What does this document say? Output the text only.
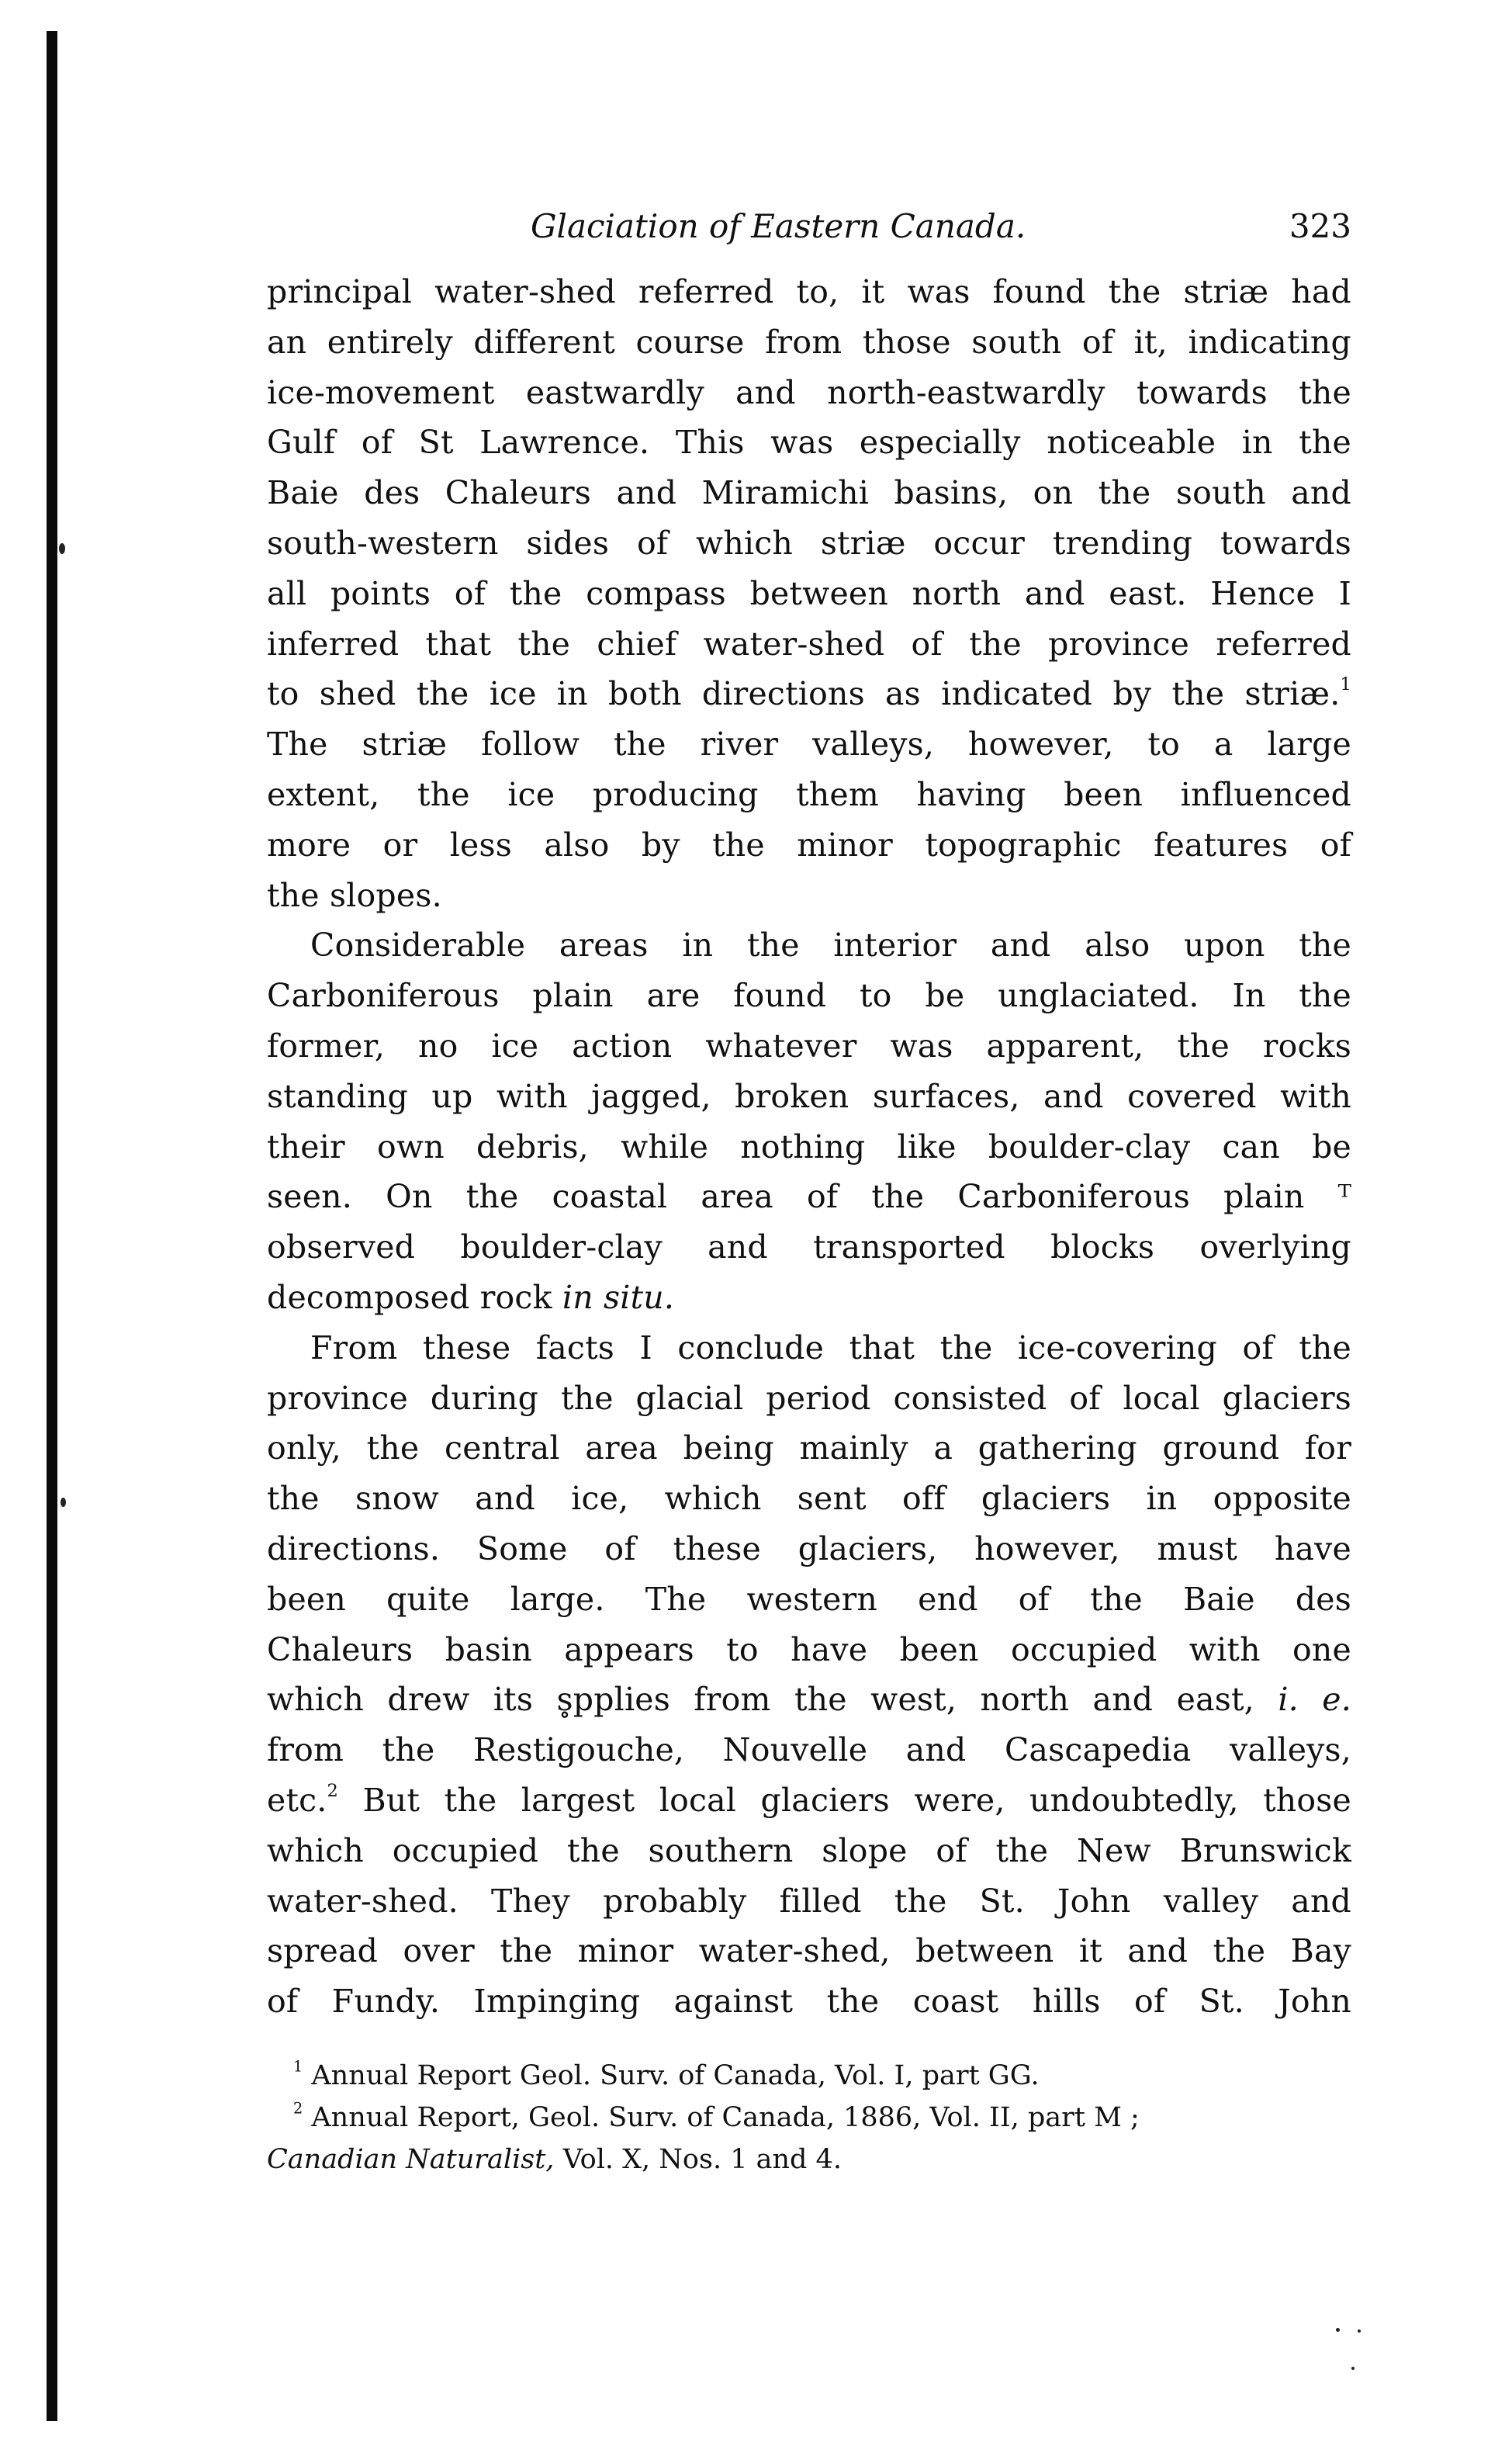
Glaciation of Eastern Canada.	323
principal water-shed referred to, it was found the striæ had
an entirely different course from those south of it, indicating
ice-movement eastwardly and north-eastwardly towards the
Gulf of St Lawrence. This was especially noticeable in the
Baie des Chaleurs and Miramichi basins, on the south and
south-western sides of which striæ occur trending towards
all points of the compass between north and east. Hence I
inferred that the chief water-shed of the province referred
to shed the ice in both directions as indicated by the striæ.$^1$
The striæ follow the river valleys, however, to a large
extent, the ice producing them having been influenced
more or less also by the minor topographic features of
the slopes.
Considerable areas in the interior and also upon the
Carboniferous plain are found to be unglaciated. In the
former, no ice action whatever was apparent, the rocks
standing up with jagged, broken surfaces, and covered with
their own debris, while nothing like boulder-clay can be
seen. On the coastal area of the Carboniferous plain ᵀ
observed boulder-clay and transported blocks overlying
decomposed rock in situ.
From these facts I conclude that the ice-covering of the
province during the glacial period consisted of local glaciers
only, the central area being mainly a gathering ground for
the snow and ice, which sent off glaciers in opposite
directions. Some of these glaciers, however, must have
been quite large. The western end of the Baie des
Chaleurs basin appears to have been occupied with one
which drew its s̥pplies from the west, north and east, i. e.
from the Restigouche, Nouvelle and Cascapedia valleys,
etc.$^2$ But the largest local glaciers were, undoubtedly, those
which occupied the southern slope of the New Brunswick
water-shed. They probably filled the St. John valley and
spread over the minor water-shed, between it and the Bay
of Fundy. Impinging against the coast hills of St. John
$^1$ Annual Report Geol. Surv. of Canada, Vol. I, part GG.
$^2$ Annual Report, Geol. Surv. of Canada, 1886, Vol. II, part M ;
Canadian Naturalist, Vol. X, Nos. 1 and 4.
